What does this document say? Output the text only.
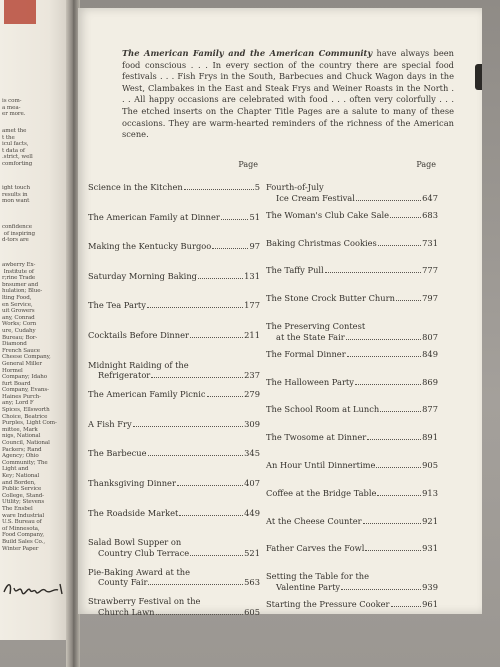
is com-
a mea-
er more.
amet the
t the
icul facts,
t data of
.strict, well
comforting
ight touch
results in
mon want
confidence
of inspiring
d-tors are
awberry Ex-
Institute of
r;rine Trade
bnsumer and
hulation; Blue-
lting Food,
en Service,
uit Growers
any, Conrad
Works; Corn
ure, Cudahy
Bureau; Bor-
Diamond
French Sauce
Cheese Company,
General Miller
Hormel
Company; Idaho
furt Board
Company, Evans-
Haines Purch-
any; Lord F
Spices, Ellsworth
Choice, Beatrice
Purples, Light Com-
mittee, Mark
nigs, National
Council, National
Packers; Rand
Agency; Ohio
Community; The
Light and
Key; National
and Borden,
Public Service
College, Stand-
Utility; Stevens
The Ensbel
ware Industrial
U.S. Bureau of
of Minnesota,
Food Company,
Build Sales Co.,
Winter Paper
The American Family and the American Community have always been food conscious . . . In every section of the country there are special food festivals . . . Fish Frys in the South, Barbecues and Chuck Wagon days in the West, Clambakes in the East and Steak Frys and Weiner Roasts in the North . . . All happy occasions are celebrated with food . . . often very colorfully . . . The etched inserts on the Chapter Title Pages are a salute to many of these occasions. They are warm-hearted reminders of the richness of the American scene.
Page
Science in the Kitchen	5
The American Family at Dinner	51
Making the Kentucky Burgoo	97
Saturday Morning Baking	131
The Tea Party	177
Cocktails Before Dinner	211
Midnight Raiding of the
Refrigerator	237
The American Family Picnic	279
A Fish Fry	309
The Barbecue	345
Thanksgiving Dinner	407
The Roadside Market	449
Salad Bowl Supper on
Country Club Terrace	521
Pie-Baking Award at the
County Fair	563
Strawberry Festival on the
Church Lawn	605
Page
Fourth-of-July
Ice Cream Festival	647
The Woman's Club Cake Sale	683
Baking Christmas Cookies	731
The Taffy Pull	777
The Stone Crock Butter Churn	797
The Preserving Contest
at the State Fair	807
The Formal Dinner	849
The Halloween Party	869
The School Room at Lunch	877
The Twosome at Dinner	891
An Hour Until Dinnertime	905
Coffee at the Bridge Table	913
At the Cheese Counter	921
Father Carves the Fowl	931
Setting the Table for the
Valentine Party	939
Starting the Pressure Cooker	961
